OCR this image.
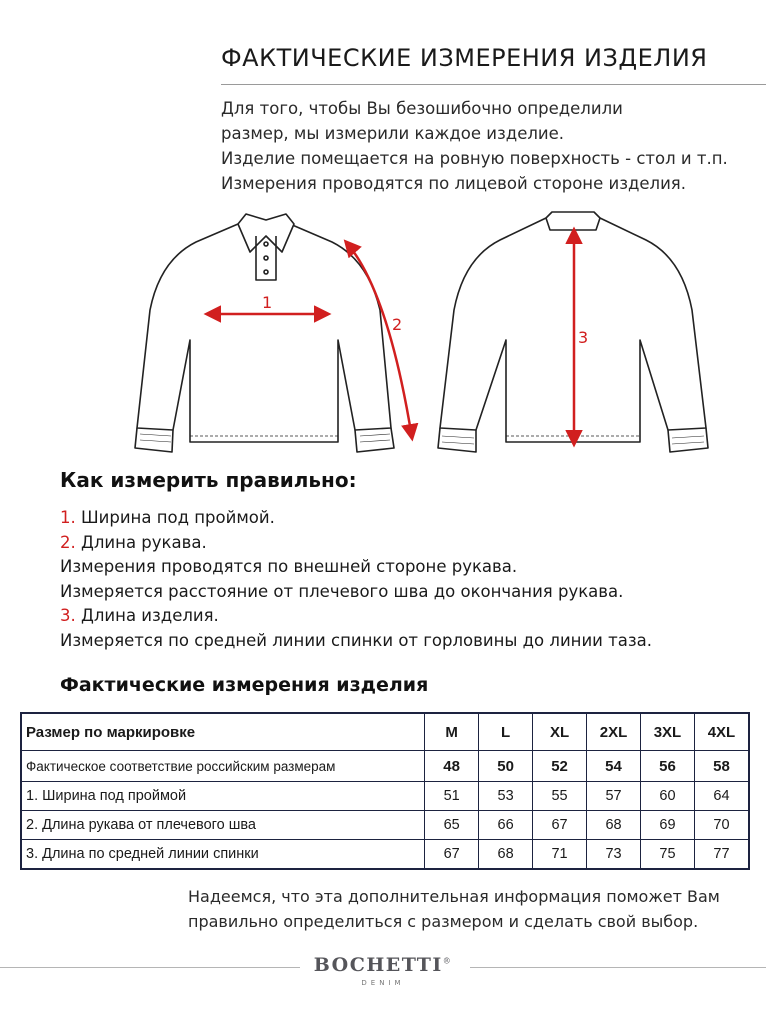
ФАКТИЧЕСКИЕ ИЗМЕРЕНИЯ ИЗДЕЛИЯ
Для того, чтобы Вы безошибочно определили
размер, мы измерили каждое изделие.
Изделие помещается на ровную поверхность - стол и т.п.
Измерения проводятся по лицевой стороне изделия.
1
2
3
Как измерить правильно:
1. Ширина под проймой.
2. Длина рукава.
Измерения проводятся по внешней стороне рукава.
Измеряется расстояние от плечевого шва до окончания рукава.
3. Длина изделия.
Измеряется по средней линии спинки от горловины до линии таза.
Фактические измерения изделия
Размер по маркировке	M	L	XL	2XL	3XL	4XL
Фактическое соответствие российским размерам	48	50	52	54	56	58
1. Ширина под проймой	51	53	55	57	60	64
2. Длина рукава от плечевого шва	65	66	67	68	69	70
3. Длина по средней линии спинки	67	68	71	73	75	77
Надеемся, что эта дополнительная информация поможет Вам
правильно определиться с размером и сделать свой выбор.
BOCHETTI®
DENIM
